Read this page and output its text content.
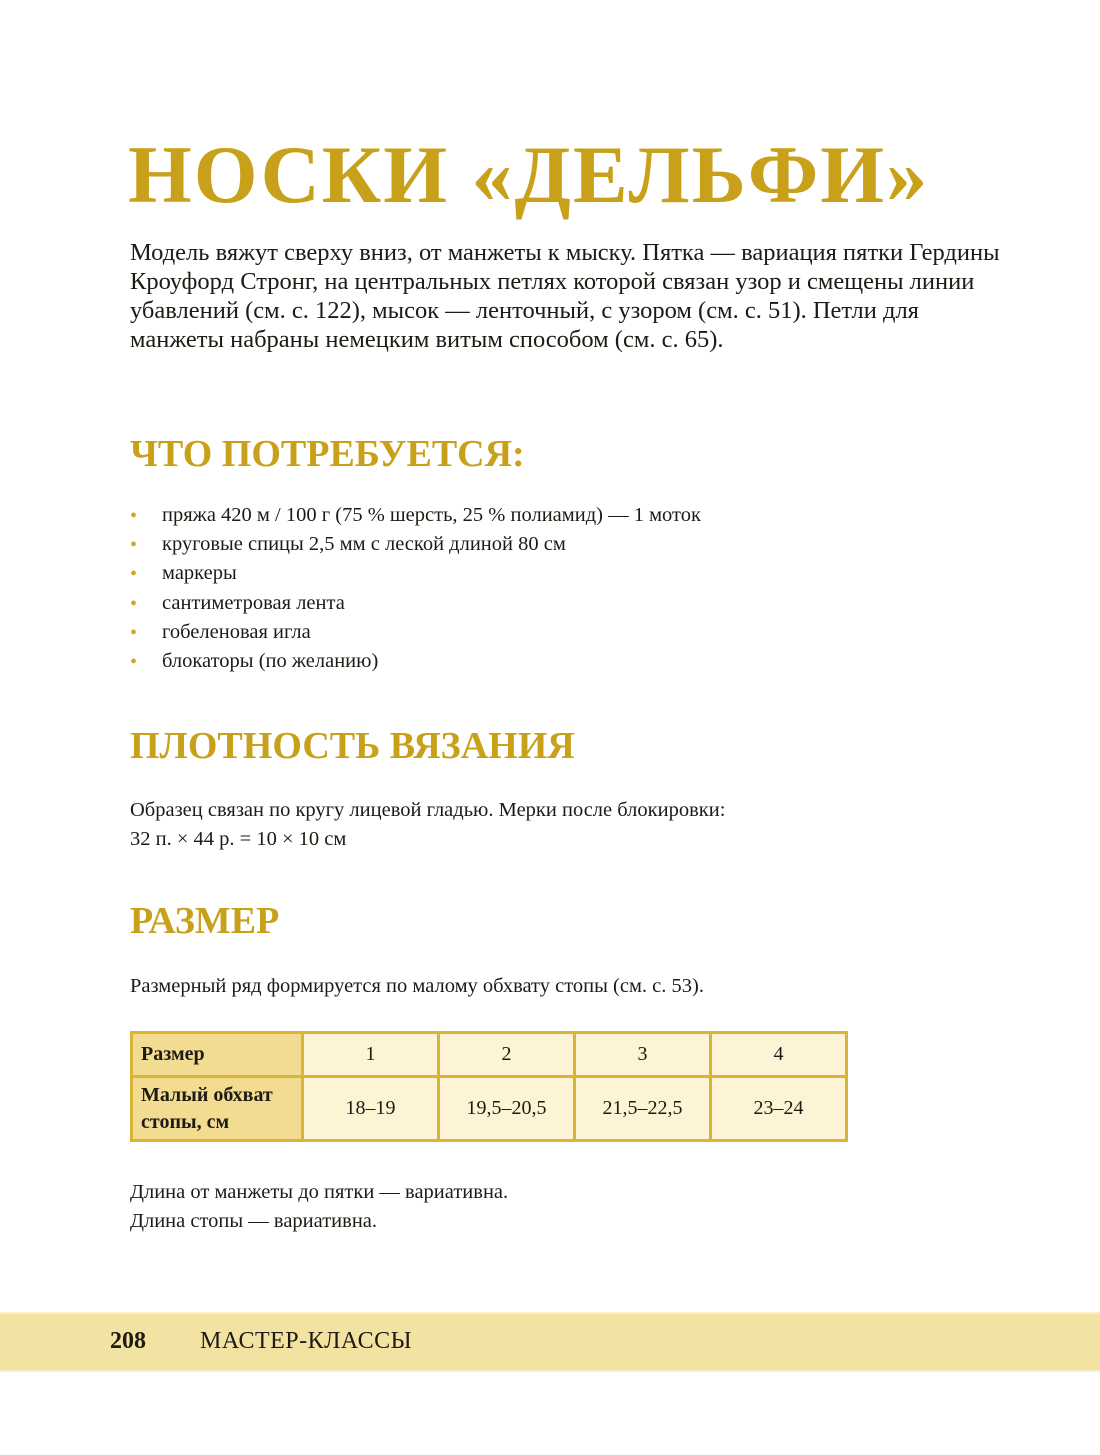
НОСКИ «ДЕЛЬФИ»
Модель вяжут сверху вниз, от манжеты к мыску. Пятка — вариация пятки Гердины Кроуфорд Стронг, на центральных петлях которой связан узор и смещены линии убавлений (см. с. 122), мысок — ленточный, с узором (см. с. 51). Петли для манжеты набраны немецким витым способом (см. с. 65).
ЧТО ПОТРЕБУЕТСЯ:
• пряжа 420 м / 100 г (75 % шерсть, 25 % полиамид) — 1 моток
• круговые спицы 2,5 мм с леской длиной 80 см
• маркеры
• сантиметровая лента
• гобеленовая игла
• блокаторы (по желанию)
ПЛОТНОСТЬ ВЯЗАНИЯ
Образец связан по кругу лицевой гладью. Мерки после блокировки:
32 п. × 44 р. = 10 × 10 см
РАЗМЕР
Размерный ряд формируется по малому обхвату стопы (см. с. 53).
Размер	1	2	3	4
Малый обхват стопы, см	18–19	19,5–20,5	21,5–22,5	23–24
Длина от манжеты до пятки — вариативна.
Длина стопы — вариативна.
208 МАСТЕР-КЛАССЫ
